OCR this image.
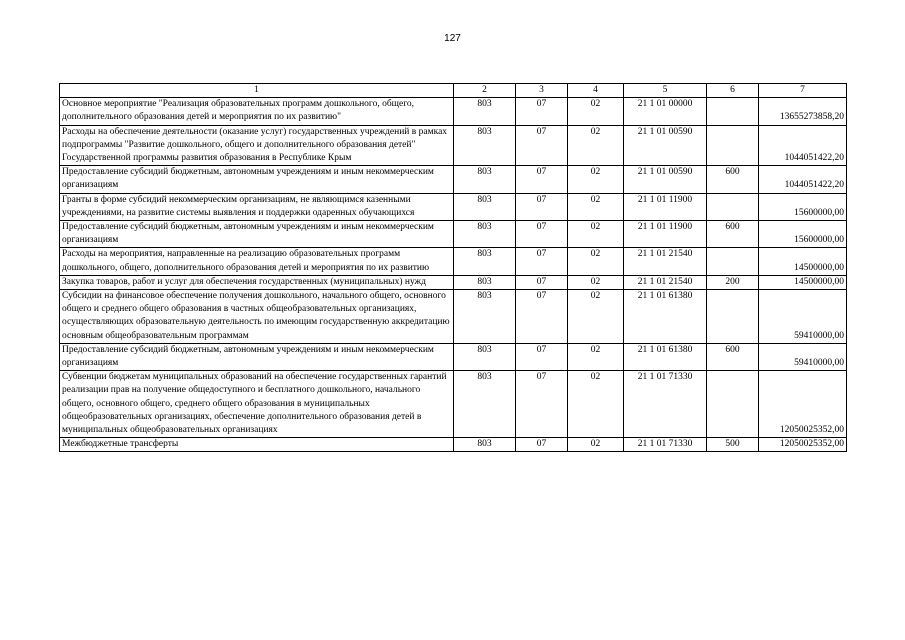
127
1	2	3	4	5	6	7
Основное мероприятие "Реализация образовательных программ дошкольного, общего, дополнительного образования детей и мероприятия по их развитию"	803	07	02	21 1 01 00000		13655273858,20
Расходы на обеспечение деятельности (оказание услуг) государственных учреждений в рамках подпрограммы "Развитие дошкольного, общего и дополнительного образования детей" Государственной программы развития образования в Республике Крым	803	07	02	21 1 01 00590		1044051422,20
Предоставление субсидий бюджетным, автономным учреждениям и иным некоммерческим организациям	803	07	02	21 1 01 00590	600	1044051422,20
Гранты в форме субсидий некоммерческим организациям, не являющимся казенными учреждениями, на развитие системы выявления и поддержки одаренных обучающихся	803	07	02	21 1 01 11900		15600000,00
Предоставление субсидий бюджетным, автономным учреждениям и иным некоммерческим организациям	803	07	02	21 1 01 11900	600	15600000,00
Расходы на мероприятия, направленные на реализацию образовательных программ дошкольного, общего, дополнительного образования детей и мероприятия по их развитию	803	07	02	21 1 01 21540		14500000,00
Закупка товаров, работ и услуг для обеспечения государственных (муниципальных) нужд	803	07	02	21 1 01 21540	200	14500000,00
Субсидии на финансовое обеспечение получения дошкольного, начального общего, основного общего и среднего общего образования в частных общеобразовательных организациях, осуществляющих образовательную деятельность по имеющим государственную аккредитацию основным общеобразовательным программам	803	07	02	21 1 01 61380		59410000,00
Предоставление субсидий бюджетным, автономным учреждениям и иным некоммерческим организациям	803	07	02	21 1 01 61380	600	59410000,00
Субвенции бюджетам муниципальных образований на обеспечение государственных гарантий реализации прав на получение общедоступного и бесплатного дошкольного, начального общего, основного общего, среднего общего образования в муниципальных общеобразовательных организациях, обеспечение дополнительного образования детей в муниципальных общеобразовательных организациях	803	07	02	21 1 01 71330		12050025352,00
Межбюджетные трансферты	803	07	02	21 1 01 71330	500	12050025352,00
